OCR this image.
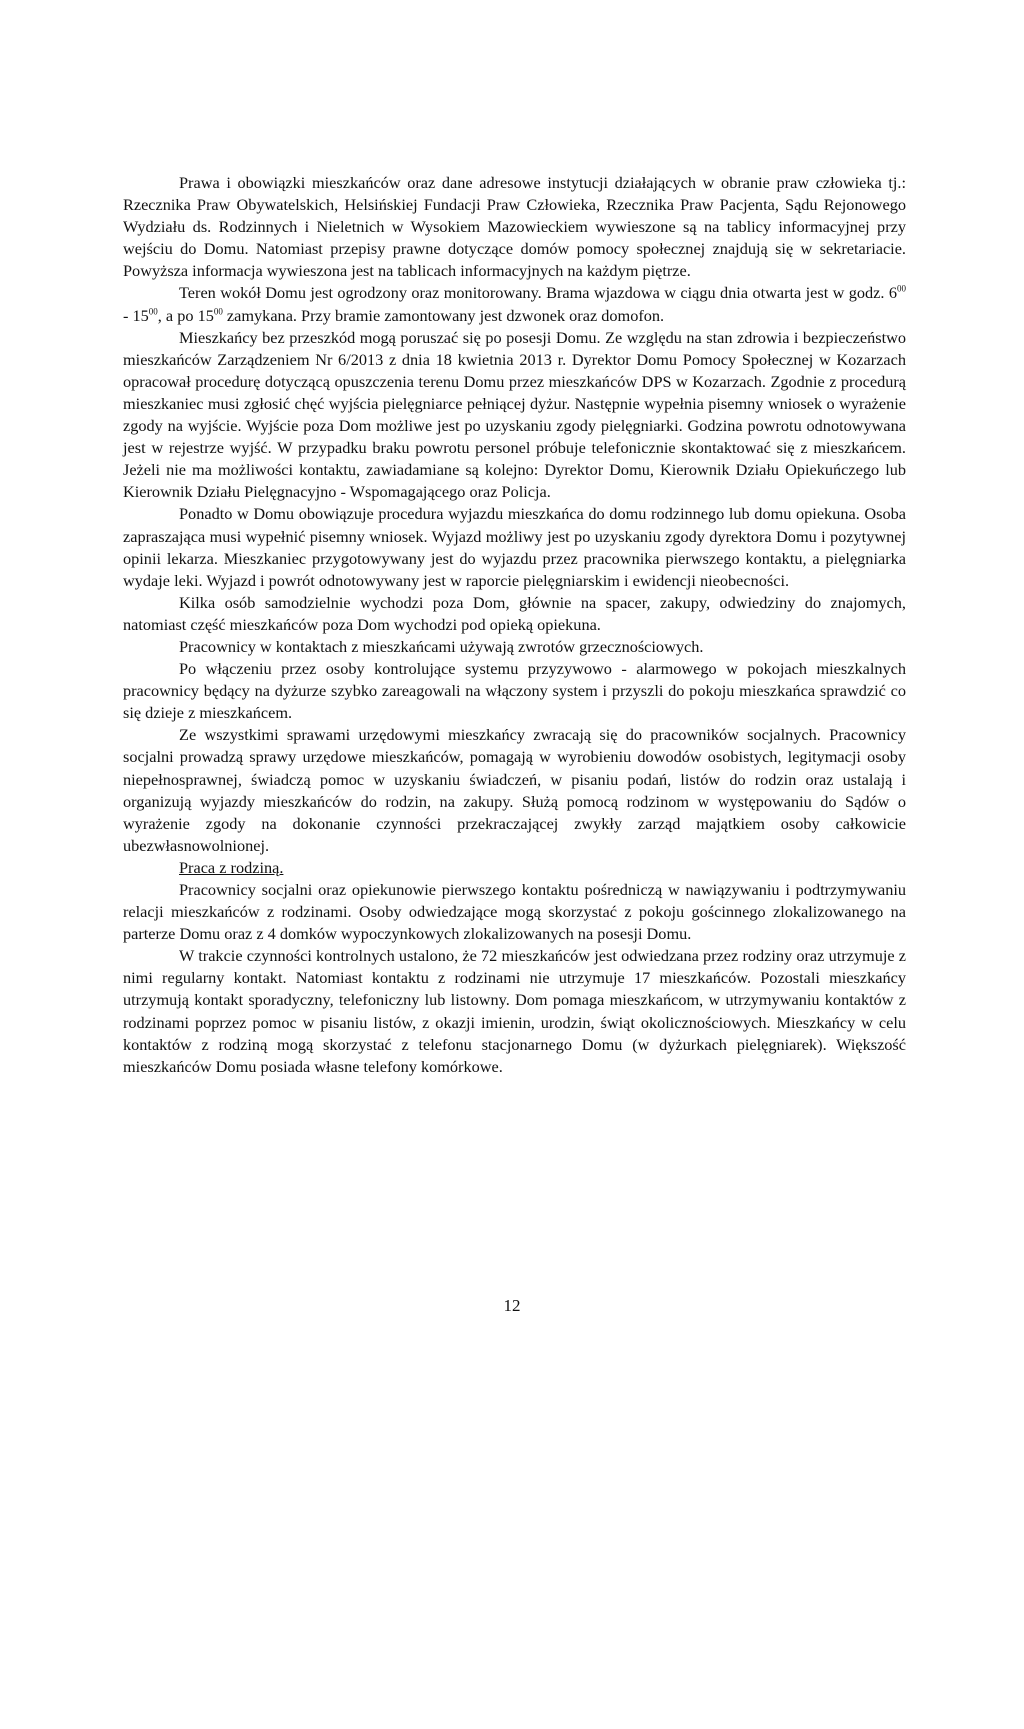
Prawa i obowiązki mieszkańców oraz dane adresowe instytucji działających w obranie praw człowieka tj.: Rzecznika Praw Obywatelskich, Helsińskiej Fundacji Praw Człowieka, Rzecznika Praw Pacjenta, Sądu Rejonowego Wydziału ds. Rodzinnych i Nieletnich w Wysokiem Mazowieckiem wywieszone są na tablicy informacyjnej przy wejściu do Domu. Natomiast przepisy prawne dotyczące domów pomocy społecznej znajdują się w sekretariacie. Powyższa informacja wywieszona jest na tablicach informacyjnych na każdym piętrze.

Teren wokół Domu jest ogrodzony oraz monitorowany. Brama wjazdowa w ciągu dnia otwarta jest w godz. $6^{00} - 15^{00}$, a po $15^{00}$ zamykana. Przy bramie zamontowany jest dzwonek oraz domofon.

Mieszkańcy bez przeszkód mogą poruszać się po posesji Domu. Ze względu na stan zdrowia i bezpieczeństwo mieszkańców Zarządzeniem Nr 6/2013 z dnia 18 kwietnia 2013 r. Dyrektor Domu Pomocy Społecznej w Kozarzach opracował procedurę dotyczącą opuszczenia terenu Domu przez mieszkańców DPS w Kozarzach. Zgodnie z procedurą mieszkaniec musi zgłosić chęć wyjścia pielęgniarce pełniącej dyżur. Następnie wypełnia pisemny wniosek o wyrażenie zgody na wyjście. Wyjście poza Dom możliwe jest po uzyskaniu zgody pielęgniarki. Godzina powrotu odnotowywana jest w rejestrze wyjść. W przypadku braku powrotu personel próbuje telefonicznie skontaktować się z mieszkańcem. Jeżeli nie ma możliwości kontaktu, zawiadamiane są kolejno: Dyrektor Domu, Kierownik Działu Opiekuńczego lub Kierownik Działu Pielęgnacyjno - Wspomagającego oraz Policja.

Ponadto w Domu obowiązuje procedura wyjazdu mieszkańca do domu rodzinnego lub domu opiekuna. Osoba zapraszająca musi wypełnić pisemny wniosek. Wyjazd możliwy jest po uzyskaniu zgody dyrektora Domu i pozytywnej opinii lekarza. Mieszkaniec przygotowywany jest do wyjazdu przez pracownika pierwszego kontaktu, a pielęgniarka wydaje leki. Wyjazd i powrót odnotowywany jest w raporcie pielęgniarskim i ewidencji nieobecności.

Kilka osób samodzielnie wychodzi poza Dom, głównie na spacer, zakupy, odwiedziny do znajomych, natomiast część mieszkańców poza Dom wychodzi pod opieką opiekuna.

Pracownicy w kontaktach z mieszkańcami używają zwrotów grzecznościowych.

Po włączeniu przez osoby kontrolujące systemu przyzywowo - alarmowego w pokojach mieszkalnych pracownicy będący na dyżurze szybko zareagowali na włączony system i przyszli do pokoju mieszkańca sprawdzić co się dzieje z mieszkańcem.

Ze wszystkimi sprawami urzędowymi mieszkańcy zwracają się do pracowników socjalnych. Pracownicy socjalni prowadzą sprawy urzędowe mieszkańców, pomagają w wyrobieniu dowodów osobistych, legitymacji osoby niepełnosprawnej, świadczą pomoc w uzyskaniu świadczeń, w pisaniu podań, listów do rodzin oraz ustalają i organizują wyjazdy mieszkańców do rodzin, na zakupy. Służą pomocą rodzinom w występowaniu do Sądów o wyrażenie zgody na dokonanie czynności przekraczającej zwykły zarząd majątkiem osoby całkowicie ubezwłasnowolnionej.

Praca z rodziną.

Pracownicy socjalni oraz opiekunowie pierwszego kontaktu pośredniczą w nawiązywaniu i podtrzymywaniu relacji mieszkańców z rodzinami. Osoby odwiedzające mogą skorzystać z pokoju gościnnego zlokalizowanego na parterze Domu oraz z 4 domków wypoczynkowych zlokalizowanych na posesji Domu.

W trakcie czynności kontrolnych ustalono, że 72 mieszkańców jest odwiedzana przez rodziny oraz utrzymuje z nimi regularny kontakt. Natomiast kontaktu z rodzinami nie utrzymuje 17 mieszkańców. Pozostali mieszkańcy utrzymują kontakt sporadyczny, telefoniczny lub listowny. Dom pomaga mieszkańcom, w utrzymywaniu kontaktów z rodzinami poprzez pomoc w pisaniu listów, z okazji imienin, urodzin, świąt okolicznościowych. Mieszkańcy w celu kontaktów z rodziną mogą skorzystać z telefonu stacjonarnego Domu (w dyżurkach pielęgniarek). Większość mieszkańców Domu posiada własne telefony komórkowe.

12
